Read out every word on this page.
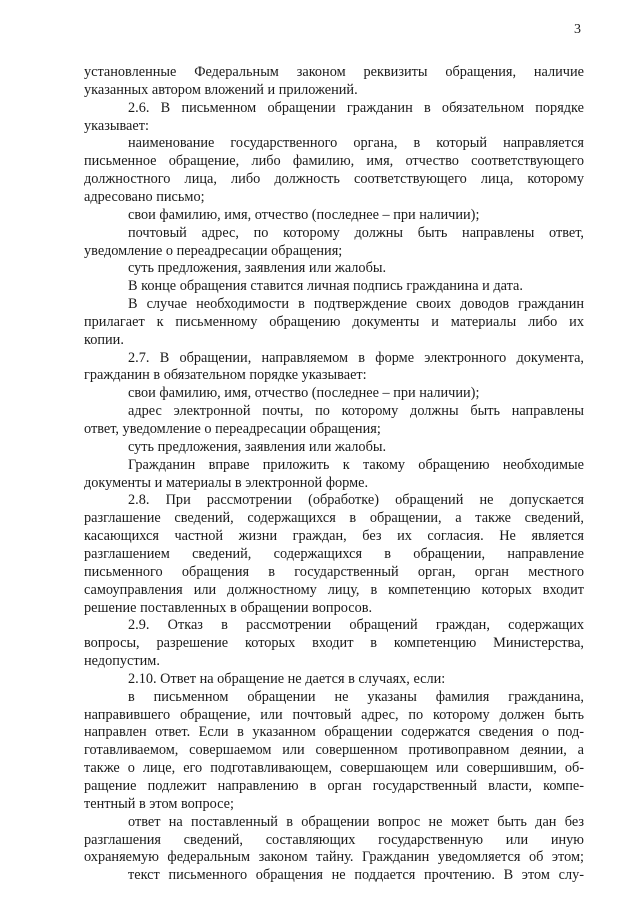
3
установленные Федеральным законом реквизиты обращения, наличие
указанных автором вложений и приложений.
2.6. В письменном обращении гражданин в обязательном порядке
указывает:
наименование государственного органа, в который направляется
письменное обращение, либо фамилию, имя, отчество соответствующего
должностного лица, либо должность соответствующего лица, которому
адресовано письмо;
свои фамилию, имя, отчество (последнее – при наличии);
почтовый адрес, по которому должны быть направлены ответ,
уведомление о переадресации обращения;
суть предложения, заявления или жалобы.
В конце обращения ставится личная подпись гражданина и дата.
В случае необходимости в подтверждение своих доводов гражданин
прилагает к письменному обращению документы и материалы либо их
копии.
2.7. В обращении, направляемом в форме электронного документа,
гражданин в обязательном порядке указывает:
свои фамилию, имя, отчество (последнее – при наличии);
адрес электронной почты, по которому должны быть направлены
ответ, уведомление о переадресации обращения;
суть предложения, заявления или жалобы.
Гражданин вправе приложить к такому обращению необходимые
документы и материалы в электронной форме.
2.8. При рассмотрении (обработке) обращений не допускается
разглашение сведений, содержащихся в обращении, а также сведений,
касающихся частной жизни граждан, без их согласия. Не является
разглашением сведений, содержащихся в обращении, направление
письменного обращения в государственный орган, орган местного
самоуправления или должностному лицу, в компетенцию которых входит
решение поставленных в обращении вопросов.
2.9. Отказ в рассмотрении обращений граждан, содержащих
вопросы, разрешение которых входит в компетенцию Министерства,
недопустим.
2.10. Ответ на обращение не дается в случаях, если:
в письменном обращении не указаны фамилия гражданина,
направившего обращение, или почтовый адрес, по которому должен быть
направлен ответ. Если в указанном обращении содержатся сведения о под-
готавливаемом, совершаемом или совершенном противоправном деянии, а
также о лице, его подготавливающем, совершающем или совершившим, об-
ращение подлежит направлению в орган государственный власти, компе-
тентный в этом вопросе;
ответ на поставленный в обращении вопрос не может быть дан без
разглашения сведений, составляющих государственную или иную
охраняемую федеральным законом тайну. Гражданин уведомляется об этом;
текст письменного обращения не поддается прочтению. В этом слу-
